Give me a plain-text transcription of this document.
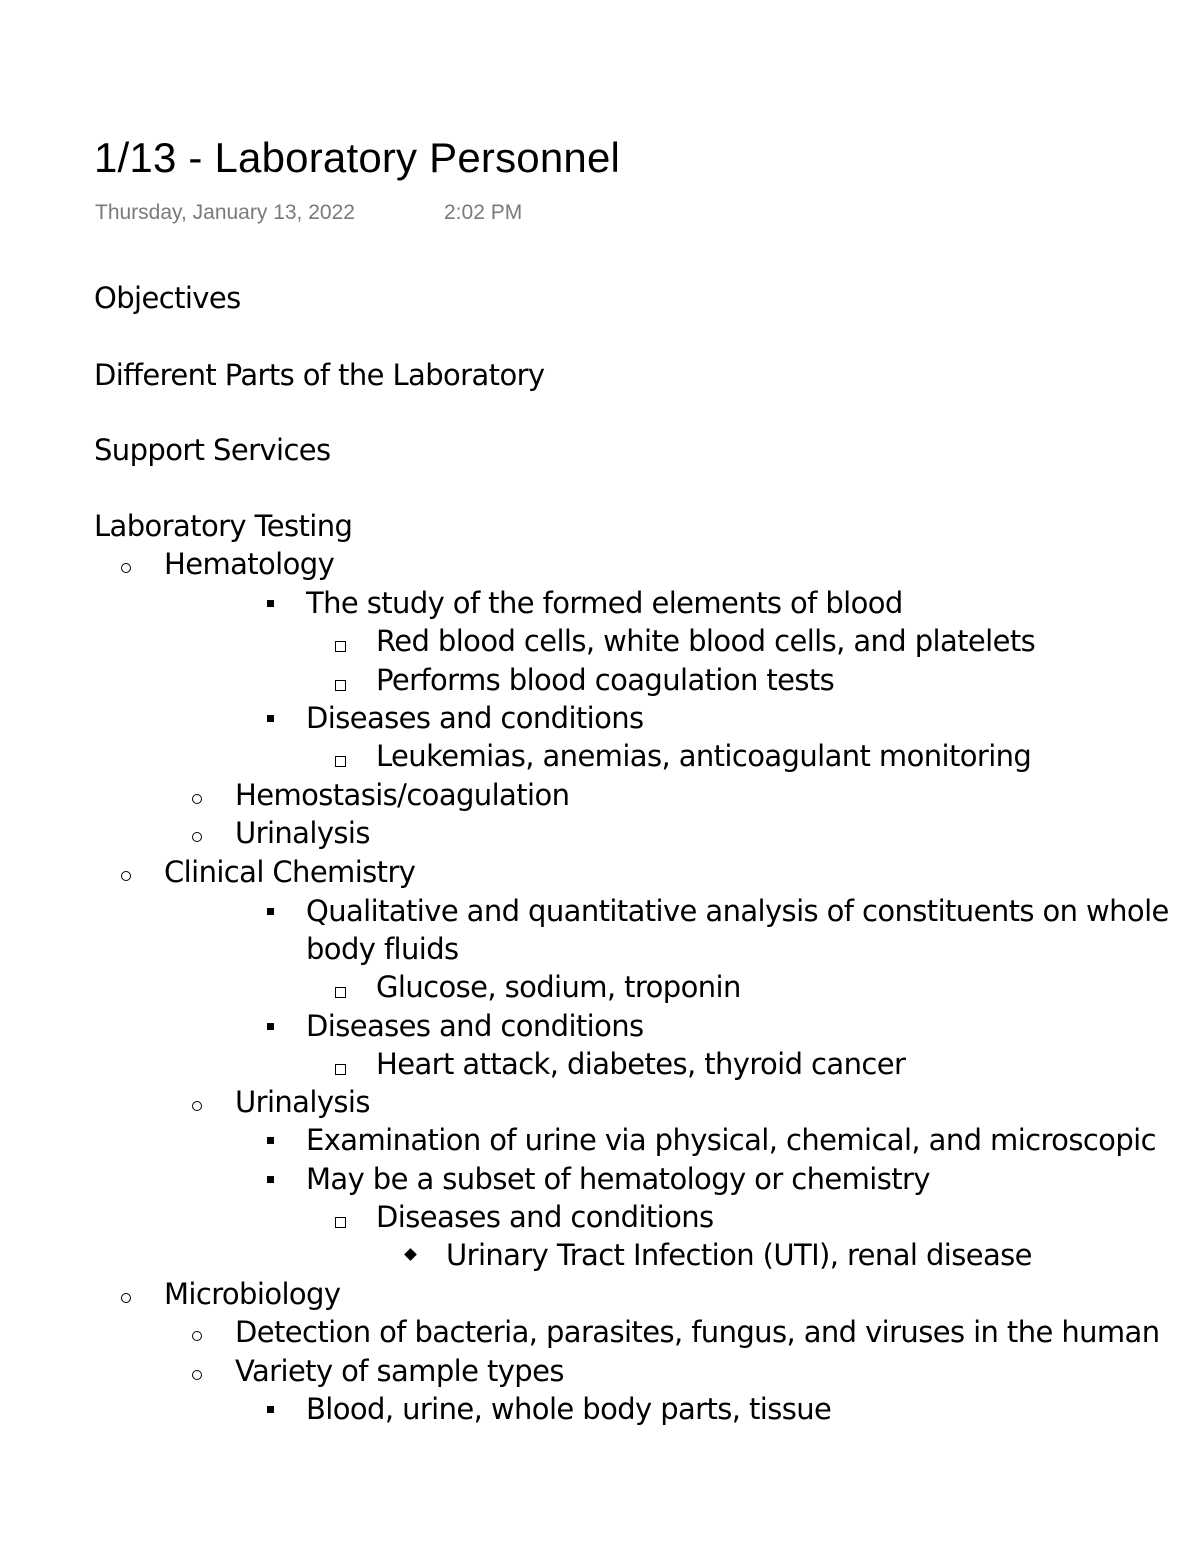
1/13 - Laboratory Personnel
Thursday, January 13, 2022	2:02 PM
Objectives
Different Parts of the Laboratory
Support Services
Laboratory Testing
Hematology
The study of the formed elements of blood
Red blood cells, white blood cells, and platelets
Performs blood coagulation tests
Diseases and conditions
Leukemias, anemias, anticoagulant monitoring
Hemostasis/coagulation
Urinalysis
Clinical Chemistry
Qualitative and quantitative analysis of constituents on whole
body fluids
Glucose, sodium, troponin
Diseases and conditions
Heart attack, diabetes, thyroid cancer
Urinalysis
Examination of urine via physical, chemical, and microscopic
May be a subset of hematology or chemistry
Diseases and conditions
Urinary Tract Infection (UTI), renal disease
Microbiology
Detection of bacteria, parasites, fungus, and viruses in the human
Variety of sample types
Blood, urine, whole body parts, tissue
